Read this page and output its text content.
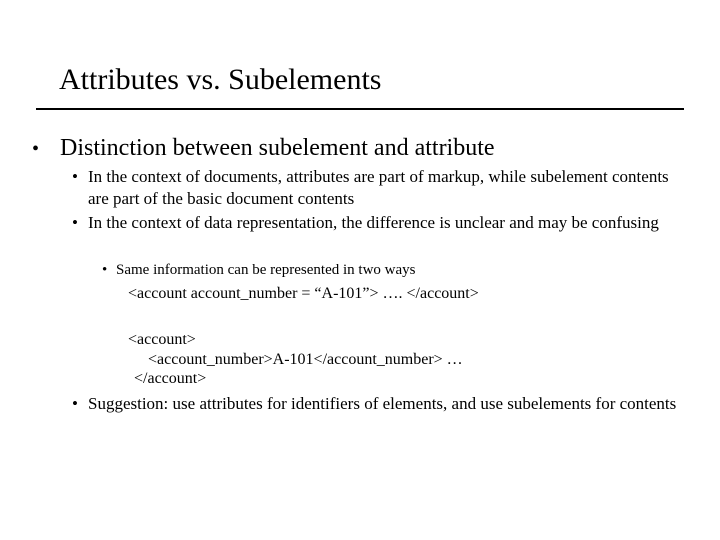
Attributes vs. Subelements
• Distinction between subelement and attribute
• In the context of documents, attributes are part of markup, while subelement contents are part of the basic document contents
• In the context of data representation, the difference is unclear and may be confusing
• Same information can be represented in two ways
<account account_number = “A-101”> …. </account>
<account>
<account_number>A-101</account_number> …
</account>
• Suggestion: use attributes for identifiers of elements, and use subelements for contents
